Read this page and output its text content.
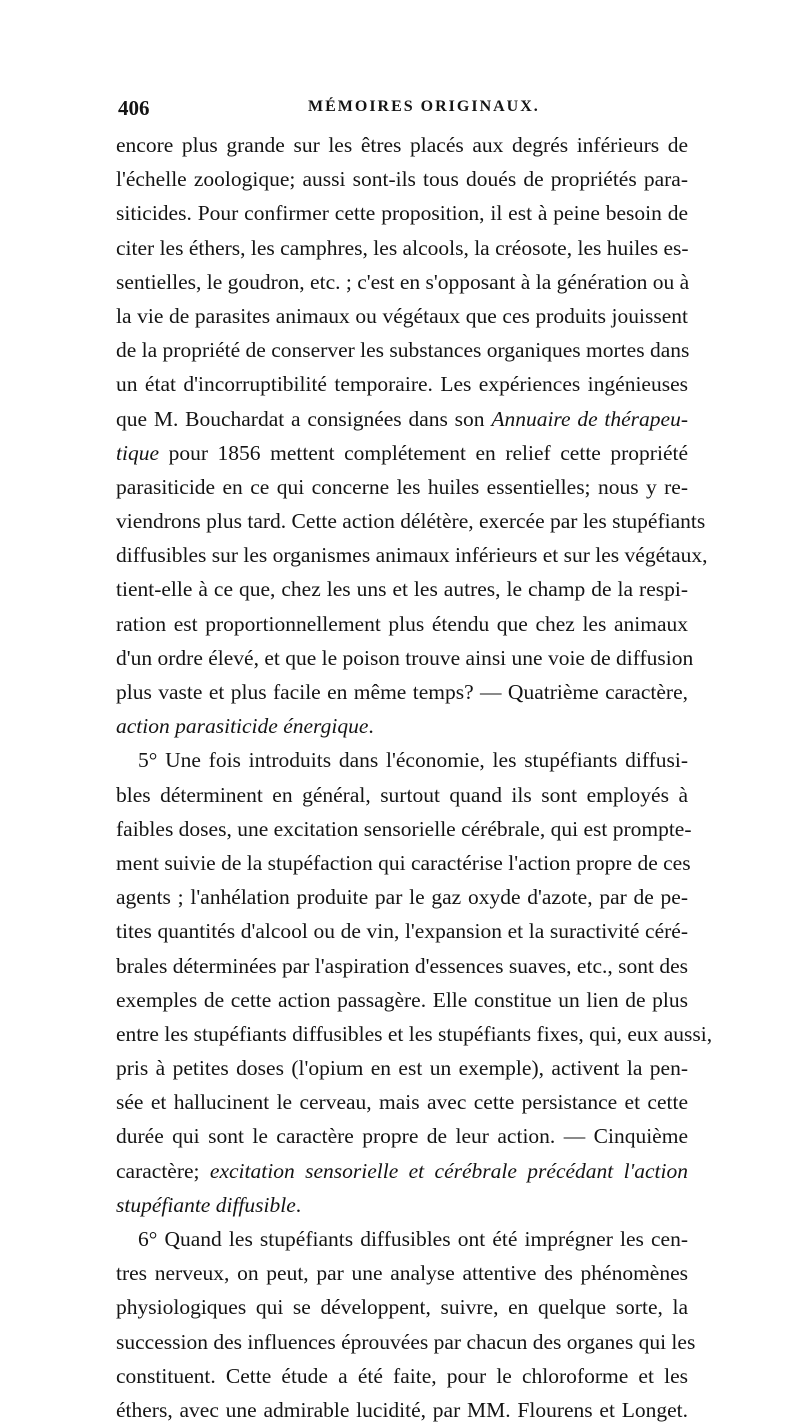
406	MÉMOIRES ORIGINAUX.
encore plus grande sur les êtres placés aux degrés inférieurs de
l'échelle zoologique; aussi sont-ils tous doués de propriétés para-
siticides. Pour confirmer cette proposition, il est à peine besoin de
citer les éthers, les camphres, les alcools, la créosote, les huiles es-
sentielles, le goudron, etc. ; c'est en s'opposant à la génération ou à
la vie de parasites animaux ou végétaux que ces produits jouissent
de la propriété de conserver les substances organiques mortes dans
un état d'incorruptibilité temporaire. Les expériences ingénieuses
que M. Bouchardat a consignées dans son Annuaire de thérapeu-
tique pour 1856 mettent complétement en relief cette propriété
parasiticide en ce qui concerne les huiles essentielles; nous y re-
viendrons plus tard. Cette action délétère, exercée par les stupéfiants
diffusibles sur les organismes animaux inférieurs et sur les végétaux,
tient-elle à ce que, chez les uns et les autres, le champ de la respi-
ration est proportionnellement plus étendu que chez les animaux
d'un ordre élevé, et que le poison trouve ainsi une voie de diffusion
plus vaste et plus facile en même temps? — Quatrième caractère,
action parasiticide énergique.
5° Une fois introduits dans l'économie, les stupéfiants diffusi-
bles déterminent en général, surtout quand ils sont employés à
faibles doses, une excitation sensorielle cérébrale, qui est prompte-
ment suivie de la stupéfaction qui caractérise l'action propre de ces
agents ; l'anhélation produite par le gaz oxyde d'azote, par de pe-
tites quantités d'alcool ou de vin, l'expansion et la suractivité céré-
brales déterminées par l'aspiration d'essences suaves, etc., sont des
exemples de cette action passagère. Elle constitue un lien de plus
entre les stupéfiants diffusibles et les stupéfiants fixes, qui, eux aussi,
pris à petites doses (l'opium en est un exemple), activent la pen-
sée et hallucinent le cerveau, mais avec cette persistance et cette
durée qui sont le caractère propre de leur action. — Cinquième
caractère; excitation sensorielle et cérébrale précédant l'action
stupéfiante diffusible.
6° Quand les stupéfiants diffusibles ont été imprégner les cen-
tres nerveux, on peut, par une analyse attentive des phénomènes
physiologiques qui se développent, suivre, en quelque sorte, la
succession des influences éprouvées par chacun des organes qui les
constituent. Cette étude a été faite, pour le chloroforme et les
éthers, avec une admirable lucidité, par MM. Flourens et Longet.
